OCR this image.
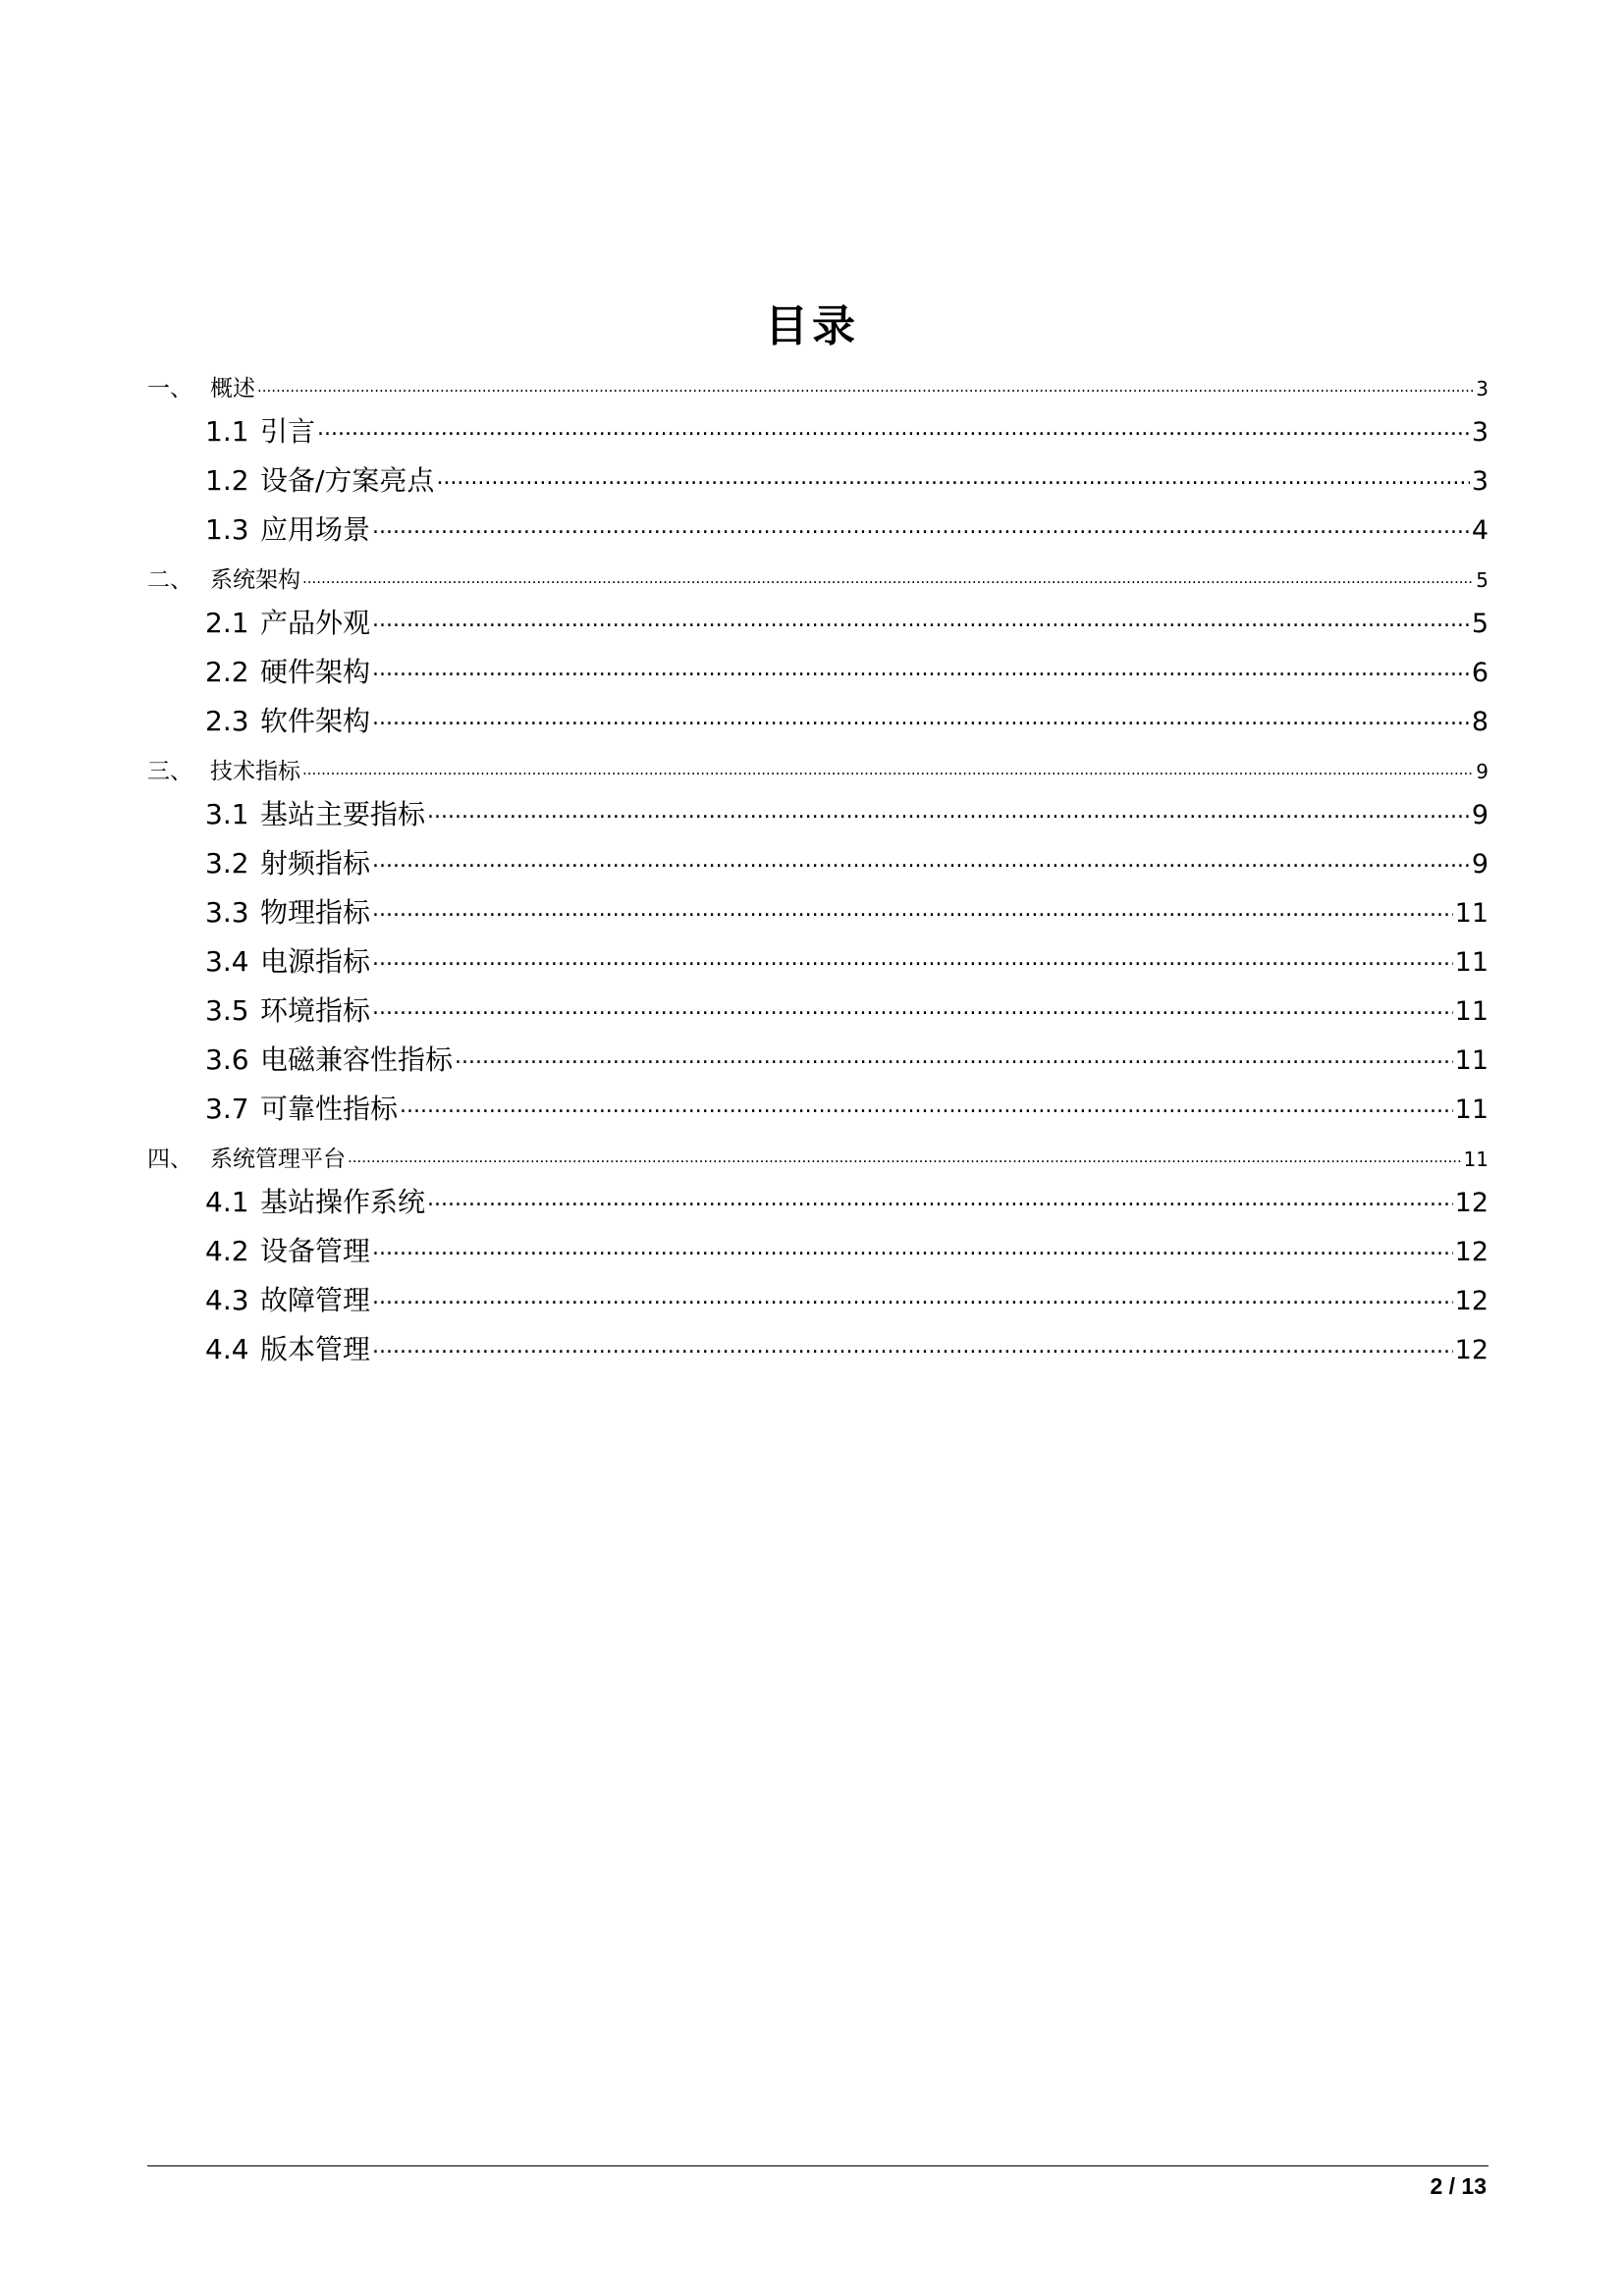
目录
一、 概述 .....	3
1.1 引言 .....	3
1.2 设备/方案亮点 .....	3
1.3 应用场景 .....	4
二、 系统架构 .....	5
2.1 产品外观 .....	5
2.2 硬件架构 .....	6
2.3 软件架构 .....	8
三、 技术指标 .....	9
3.1 基站主要指标 .....	9
3.2 射频指标 .....	9
3.3 物理指标 .....	11
3.4 电源指标 .....	11
3.5 环境指标 .....	11
3.6 电磁兼容性指标 .....	11
3.7 可靠性指标 .....	11
四、 系统管理平台 .....	11
4.1 基站操作系统 .....	12
4.2 设备管理 .....	12
4.3 故障管理 .....	12
4.4 版本管理 .....	12
2 / 13
